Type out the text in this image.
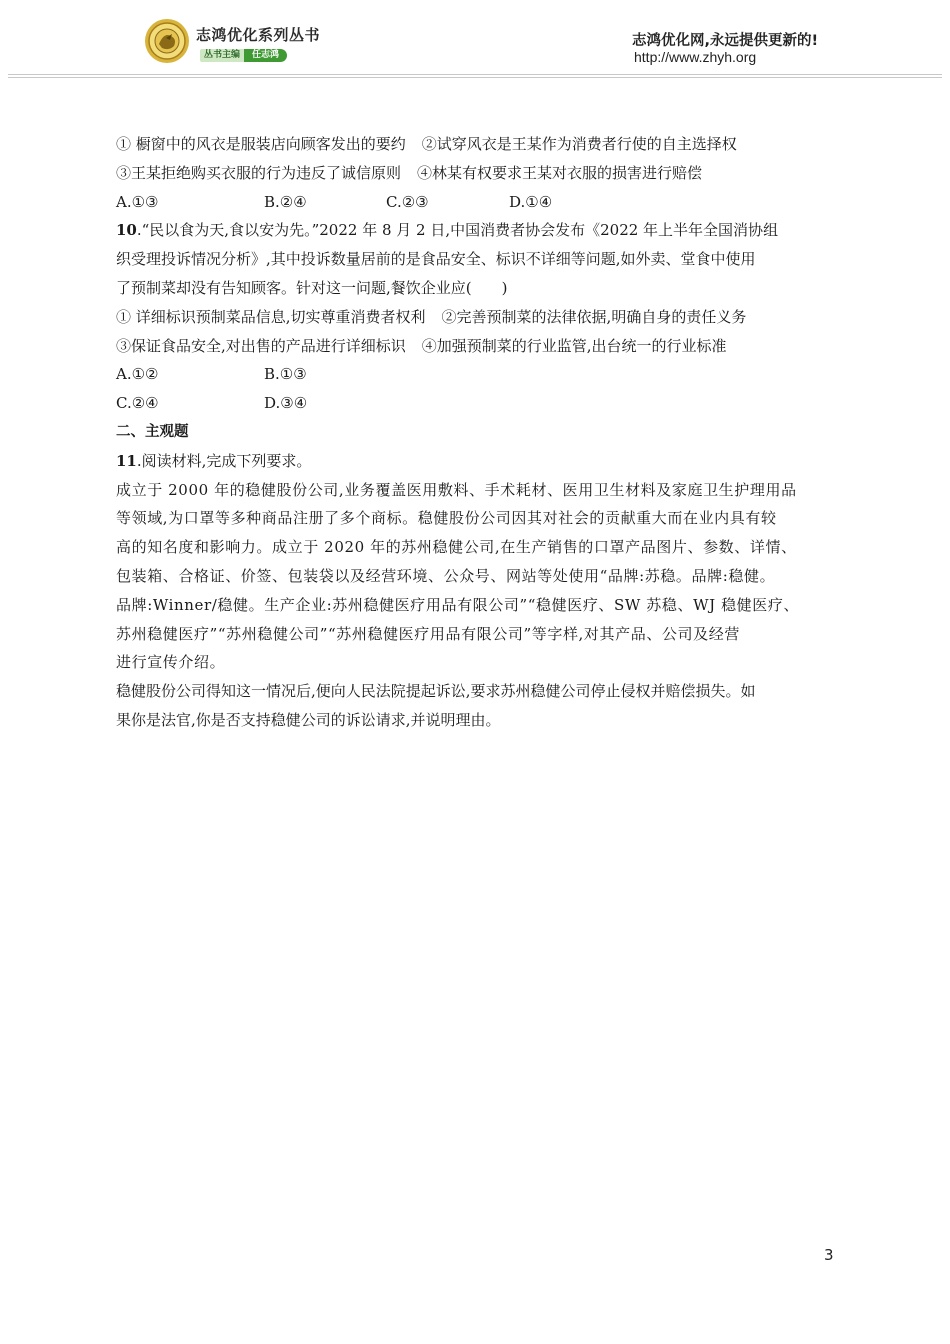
志鸿优化系列丛书
丛书主编	任志鸿
志鸿优化网,永远提供更新的!
http://www.zhyh.org
① 橱窗中的风衣是服装店向顾客发出的要约 ②试穿风衣是王某作为消费者行使的自主选择权
③王某拒绝购买衣服的行为违反了诚信原则 ④林某有权要求王某对衣服的损害进行赔偿
A.①③	B.②④	C.②③	D.①④
10.“民以食为天,食以安为先。”2022 年 8 月 2 日,中国消费者协会发布《2022 年上半年全国消协组
织受理投诉情况分析》,其中投诉数量居前的是食品安全、标识不详细等问题,如外卖、堂食中使用
了预制菜却没有告知顾客。针对这一问题,餐饮企业应(　　)
① 详细标识预制菜品信息,切实尊重消费者权利 ②完善预制菜的法律依据,明确自身的责任义务
③保证食品安全,对出售的产品进行详细标识 ④加强预制菜的行业监管,出台统一的行业标准
A.①②	B.①③
C.②④	D.③④
二、主观题
11.阅读材料,完成下列要求。
成立于 2000 年的稳健股份公司,业务覆盖医用敷料、手术耗材、医用卫生材料及家庭卫生护理用品
等领域,为口罩等多种商品注册了多个商标。稳健股份公司因其对社会的贡献重大而在业内具有较
高的知名度和影响力。成立于 2020 年的苏州稳健公司,在生产销售的口罩产品图片、参数、详情、
包装箱、合格证、价签、包装袋以及经营环境、公众号、网站等处使用“品牌:苏稳。品牌:稳健。
品牌:Winner/稳健。生产企业:苏州稳健医疗用品有限公司”“稳健医疗、SW 苏稳、WJ 稳健医疗、
苏州稳健医疗”“苏州稳健公司”“苏州稳健医疗用品有限公司”等字样,对其产品、公司及经营
进行宣传介绍。
稳健股份公司得知这一情况后,便向人民法院提起诉讼,要求苏州稳健公司停止侵权并赔偿损失。如
果你是法官,你是否支持稳健公司的诉讼请求,并说明理由。
3
